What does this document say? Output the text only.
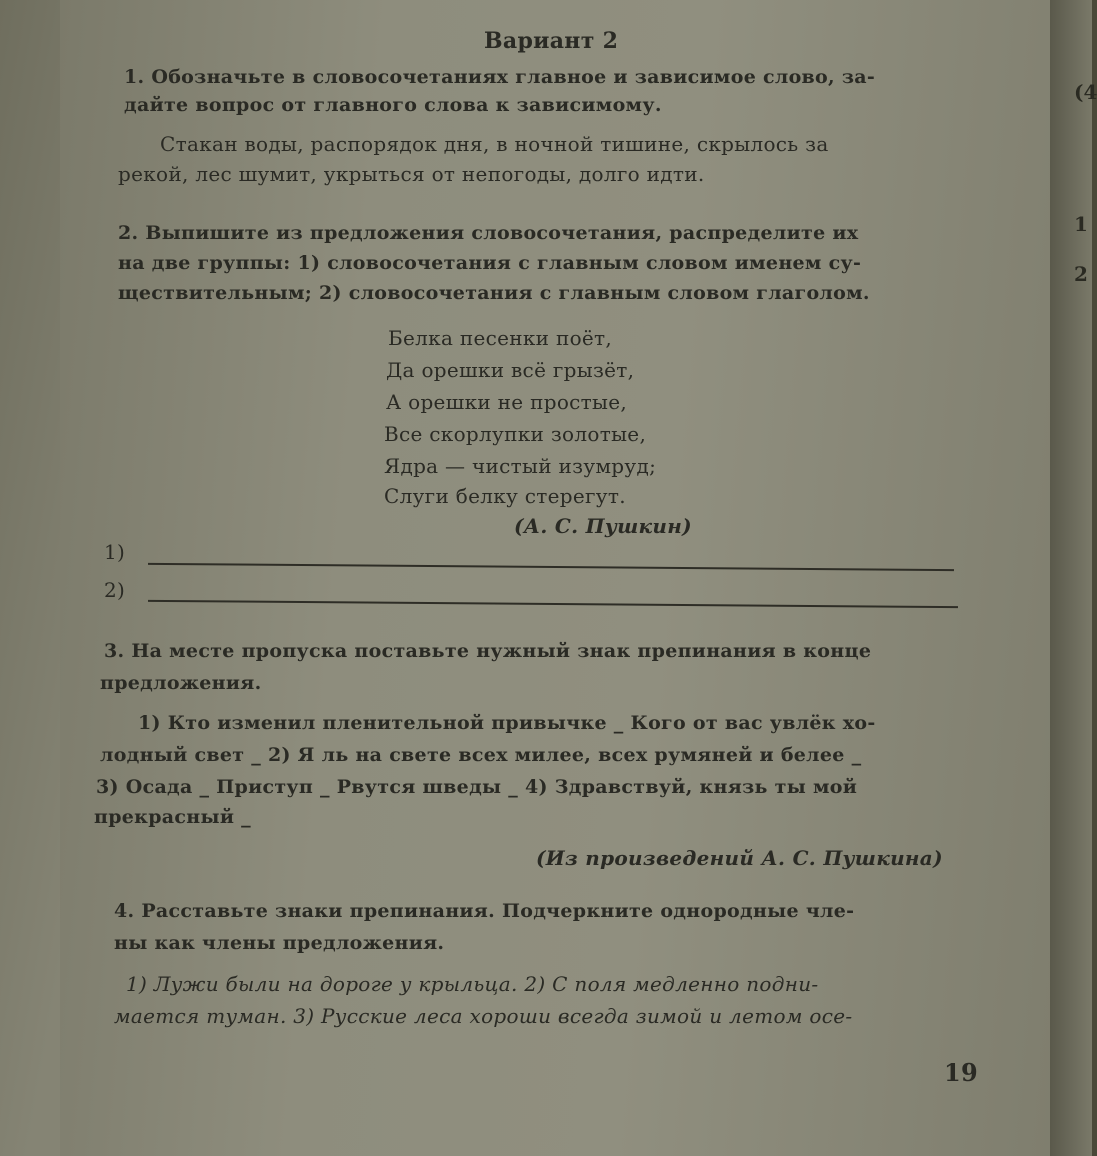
(4
1
2
Вариант 2
1. Обозначьте в словосочетаниях главное и зависимое слово, за-
дайте вопрос от главного слова к зависимому.
Стакан воды, распорядок дня, в ночной тишине, скрылось за
рекой, лес шумит, укрыться от непогоды, долго идти.
2. Выпишите из предложения словосочетания, распределите их
на две группы: 1) словосочетания с главным словом именем су-
ществительным; 2) словосочетания с главным словом глаголом.
Белка песенки поёт,
Да орешки всё грызёт,
А орешки не простые,
Все скорлупки золотые,
Ядра — чистый изумруд;
Слуги белку стерегут.
(А. С. Пушкин)
1)
2)
3. На месте пропуска поставьте нужный знак препинания в конце
предложения.
1) Кто изменил пленительной привычке _ Кого от вас увлёк хо-
лодный свет _ 2) Я ль на свете всех милее, всех румяней и белее _
3) Осада _ Приступ _ Рвутся шведы _ 4) Здравствуй, князь ты мой
прекрасный _
(Из произведений А. С. Пушкина)
4. Расставьте знаки препинания. Подчеркните однородные чле-
ны как члены предложения.
1) Лужи были на дороге у крыльца. 2) С поля медленно подни-
мается туман. 3) Русские леса хороши всегда зимой и летом осе-
19
